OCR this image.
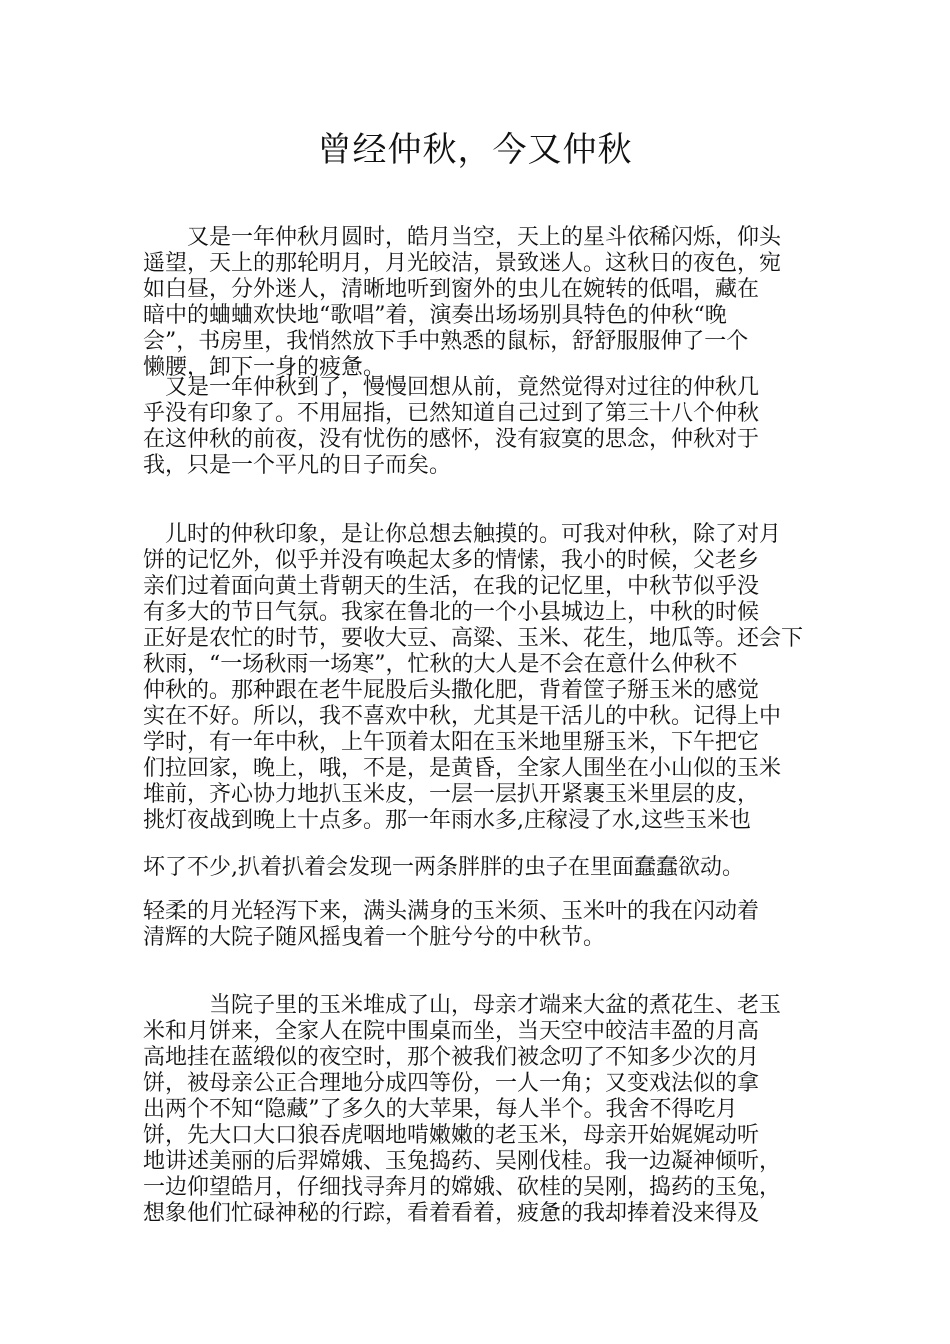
曾经仲秋，今又仲秋
　　又是一年仲秋月圆时，皓月当空，天上的星斗依稀闪烁，仰头
遥望，天上的那轮明月，月光皎洁，景致迷人。这秋日的夜色，宛
如白昼，分外迷人，清晰地听到窗外的虫儿在婉转的低唱，藏在
暗中的蛐蛐欢快地“歌唱”着，演奏出场场别具特色的仲秋“晚
会”，书房里，我悄然放下手中熟悉的鼠标，舒舒服服伸了一个
懒腰，卸下一身的疲惫。
　又是一年仲秋到了，慢慢回想从前，竟然觉得对过往的仲秋几
乎没有印象了。不用屈指，已然知道自己过到了第三十八个仲秋
在这仲秋的前夜，没有忧伤的感怀，没有寂寞的思念，仲秋对于
我，只是一个平凡的日子而矣。
　儿时的仲秋印象，是让你总想去触摸的。可我对仲秋，除了对月
饼的记忆外，似乎并没有唤起太多的情愫，我小的时候，父老乡
亲们过着面向黄土背朝天的生活，在我的记忆里，中秋节似乎没
有多大的节日气氛。我家在鲁北的一个小县城边上，中秋的时候
正好是农忙的时节，要收大豆、高粱、玉米、花生，地瓜等。还会下
秋雨，“一场秋雨一场寒”，忙秋的大人是不会在意什么仲秋不
仲秋的。那种跟在老牛屁股后头撒化肥，背着筐子掰玉米的感觉
实在不好。所以，我不喜欢中秋，尤其是干活儿的中秋。记得上中
学时，有一年中秋，上午顶着太阳在玉米地里掰玉米，下午把它
们拉回家，晚上，哦，不是，是黄昏，全家人围坐在小山似的玉米
堆前，齐心协力地扒玉米皮，一层一层扒开紧裹玉米里层的皮，
挑灯夜战到晚上十点多。那一年雨水多,庄稼浸了水,这些玉米也
坏了不少,扒着扒着会发现一两条胖胖的虫子在里面蠢蠢欲动。
轻柔的月光轻泻下来，满头满身的玉米须、玉米叶的我在闪动着
清辉的大院子随风摇曳着一个脏兮兮的中秋节。
　　　当院子里的玉米堆成了山，母亲才端来大盆的煮花生、老玉
米和月饼来，全家人在院中围桌而坐，当天空中皎洁丰盈的月高
高地挂在蓝缎似的夜空时，那个被我们被念叨了不知多少次的月
饼，被母亲公正合理地分成四等份，一人一角；又变戏法似的拿
出两个不知“隐藏”了多久的大苹果，每人半个。我舍不得吃月
饼，先大口大口狼吞虎咽地啃嫩嫩的老玉米，母亲开始娓娓动听
地讲述美丽的后羿嫦娥、玉兔捣药、吴刚伐桂。我一边凝神倾听，
一边仰望皓月，仔细找寻奔月的嫦娥、砍桂的吴刚，捣药的玉兔，
想象他们忙碌神秘的行踪，看着看着，疲惫的我却捧着没来得及
